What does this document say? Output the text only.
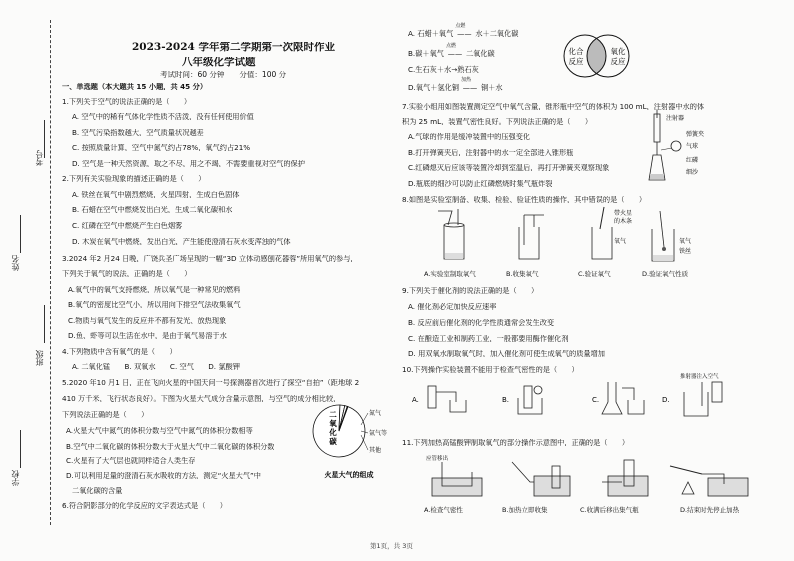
考号
姓名
班级
学校
2023-2024 学年第二学期第一次限时作业
八年级化学试题
考试时间：60 分钟　　分值：100 分
一、单选题（本大题共 15 小题，共 45 分）
1.下列关于空气的说法正确的是（　　）
A. 空气中的稀有气体化学性质不活泼，没有任何使用价值
B. 空气污染指数越大，空气质量状况越差
C. 按照质量计算，空气中氮气约占78%，氧气约占21%
D. 空气是一种天然资源，取之不尽，用之不竭，不需要重视对空气的保护
2.下列有关实验现象的描述正确的是（　　）
A. 铁丝在氧气中剧烈燃烧，火星四射，生成白色固体
B. 石蜡在空气中燃烧发出白光，生成二氧化碳和水
C. 红磷在空气中燃烧产生白色烟雾
D. 木炭在氧气中燃烧，发出白光，产生能使澄清石灰水变浑浊的气体
3.2024 年2 月24 日晚，广饶兵圣广场呈现的一幅“3D 立体动感刨花器蓉”所用氧气的参与，
下列关于氧气的说法，正确的是（　　）
A.氧气中的氧气支持燃烧，所以氧气是一种常见的燃料
B.氧气的密度比空气小，所以用向下排空气法收集氧气
C.物质与氧气发生的反应并不都有发光、放热现象
D.鱼、虾等可以生活在水中，是由于氧气易溶于水
4.下列物质中含有氧气的是（　　）
A. 二氧化锰　　B. 双氧水　　C. 空气　　D. 氯酸钾
5.2020 年10 月1 日，正在飞向火星的中国天问一号探测器首次进行了探空“自拍”（距地球 2
410 万千米，飞行状态良好）。下图为火星大气成分含量示意图，与空气的成分相比较，
下列说法正确的是（　　）
A.火星大气中氮气的体积分数与空气中氮气的体积分数相等
B.空气中二氧化碳的体积分数大于火星大气中二氧化碳的体积分数
C.火星有了大气层也就同样适合人类生存
D.可以利用足量的澄清石灰水吸收的方法，测定“火星大气”中
二氧化碳的含量
6.符合阴影部分的化学反应的文字表达式是（　　）
二
氧
化
碳
氮气
氩气等
其他
火星大气的组成
A. 石蜡＋氧气 ——
点燃
水＋二氧化碳
B.碳＋氧气 ——
点燃
二氧化碳
C.生石灰＋水→熟石灰
D.氧气＋氢化铜 ——
加热
铜＋水
化合
反应
氧化
反应
7.实验小组用如图装置测定空气中氧气含量，锥形瓶中空气的体积为 100 mL，注射器中水的体
积为 25 mL，装置气密性良好。下列说法正确的是（　　）
A.气球的作用是缓冲装置中的压强变化
B.打开弹簧夹后，注射器中的水一定全部进入锥形瓶
C.红磷熄灭后应该等装置冷却到室温后，再打开弹簧夹观察现象
D.瓶底的细沙可以防止红磷燃烧时集气瓶炸裂
8.如图是实验室制备、收集、检验、验证性质的操作，其中错误的是（　　）
9.下列关于催化剂的说法正确的是（　　）
A. 催化剂必定加快反应速率
B. 反应前后催化剂的化学性质通常会发生改变
C. 在酿造工业和制药工业，一般都要用酶作催化剂
D. 用双氧水制取氧气时，加入催化剂可使生成氧气的质量增加
10.下列操作实验装置不能用于检查气密性的是（　　）
11.下列加热高锰酸钾制取氧气的部分操作示意图中，正确的是（　　）
注射器
弹簧夹
气球
红磷
细沙
带火星
的木条
氧气	氧气
铁丝
A.实验室制取氧气	B.收集氧气	C.验证氧气	D.验证氧气性质
A.	B.	C.	D.
推射器注入空气
应管移出
A.检查气密性	B.加热立即收集	C.收满后移出集气瓶	D.结束时先停止加热
第1页，共 3页
